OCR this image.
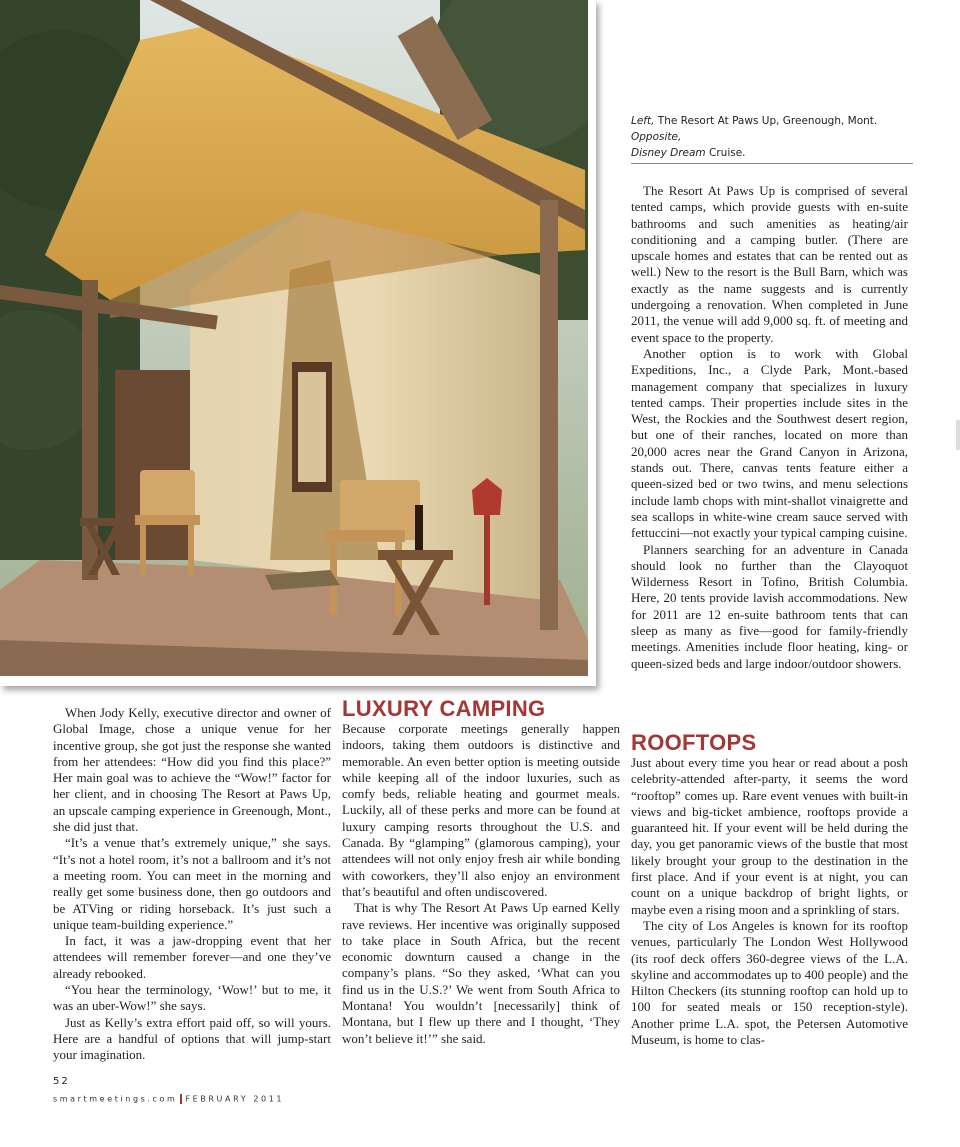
Left, The Resort At Paws Up, Greenough, Mont. Opposite,
Disney Dream Cruise.

When Jody Kelly, executive director and owner of Global Image, chose a unique venue for her incentive group, she got just the response she wanted from her attendees: “How did you find this place?” Her main goal was to achieve the “Wow!” factor for her client, and in choosing The Resort at Paws Up, an upscale camping experience in Greenough, Mont., she did just that.

“It’s a venue that’s extremely unique,” she says. “It’s not a hotel room, it’s not a ballroom and it’s not a meeting room. You can meet in the morning and really get some business done, then go outdoors and be ATVing or riding horseback. It’s just such a unique team-building experience.”

In fact, it was a jaw-dropping event that her attendees will remember forever—and one they’ve already rebooked.

“You hear the terminology, ‘Wow!’ but to me, it was an uber-Wow!” she says.

Just as Kelly’s extra effort paid off, so will yours. Here are a handful of options that will jump-start your imagination.

LUXURY CAMPING

Because corporate meetings generally happen indoors, taking them outdoors is distinctive and memorable. An even better option is meeting outside while keeping all of the indoor luxuries, such as comfy beds, reliable heating and gourmet meals. Luckily, all of these perks and more can be found at luxury camping resorts throughout the U.S. and Canada. By “glamping” (glamorous camping), your attendees will not only enjoy fresh air while bonding with coworkers, they’ll also enjoy an environment that’s beautiful and often undiscovered.

That is why The Resort At Paws Up earned Kelly rave reviews. Her incentive was originally supposed to take place in South Africa, but the recent economic downturn caused a change in the company’s plans. “So they asked, ‘What can you find us in the U.S.?’ We went from South Africa to Montana! You wouldn’t [necessarily] think of Montana, but I flew up there and I thought, ‘They won’t believe it!’” she said.

The Resort At Paws Up is comprised of several tented camps, which provide guests with en-suite bathrooms and such amenities as heating/air conditioning and a camping butler. (There are upscale homes and estates that can be rented out as well.) New to the resort is the Bull Barn, which was exactly as the name suggests and is currently undergoing a renovation. When completed in June 2011, the venue will add 9,000 sq. ft. of meeting and event space to the property.

Another option is to work with Global Expeditions, Inc., a Clyde Park, Mont.-based management company that specializes in luxury tented camps. Their properties include sites in the West, the Rockies and the Southwest desert region, but one of their ranches, located on more than 20,000 acres near the Grand Canyon in Arizona, stands out. There, canvas tents feature either a queen-sized bed or two twins, and menu selections include lamb chops with mint-shallot vinaigrette and sea scallops in white-wine cream sauce served with fettuccini—not exactly your typical camping cuisine.

Planners searching for an adventure in Canada should look no further than the Clayoquot Wilderness Resort in Tofino, British Columbia. Here, 20 tents provide lavish accommodations. New for 2011 are 12 en-suite bathroom tents that can sleep as many as five—good for family-friendly meetings. Amenities include floor heating, king- or queen-sized beds and large indoor/outdoor showers.

ROOFTOPS

Just about every time you hear or read about a posh celebrity-attended after-party, it seems the word “rooftop” comes up. Rare event venues with built-in views and big-ticket ambience, rooftops provide a guaranteed hit. If your event will be held during the day, you get panoramic views of the bustle that most likely brought your group to the destination in the first place. And if your event is at night, you can count on a unique backdrop of bright lights, or maybe even a rising moon and a sprinkling of stars.

The city of Los Angeles is known for its rooftop venues, particularly The London West Hollywood (its roof deck offers 360-degree views of the L.A. skyline and accommodates up to 400 people) and the Hilton Checkers (its stunning rooftop can hold up to 100 for seated meals or 150 reception-style). Another prime L.A. spot, the Petersen Automotive Museum, is home to clas-

52
smartmeetings.com FEBRUARY 2011
